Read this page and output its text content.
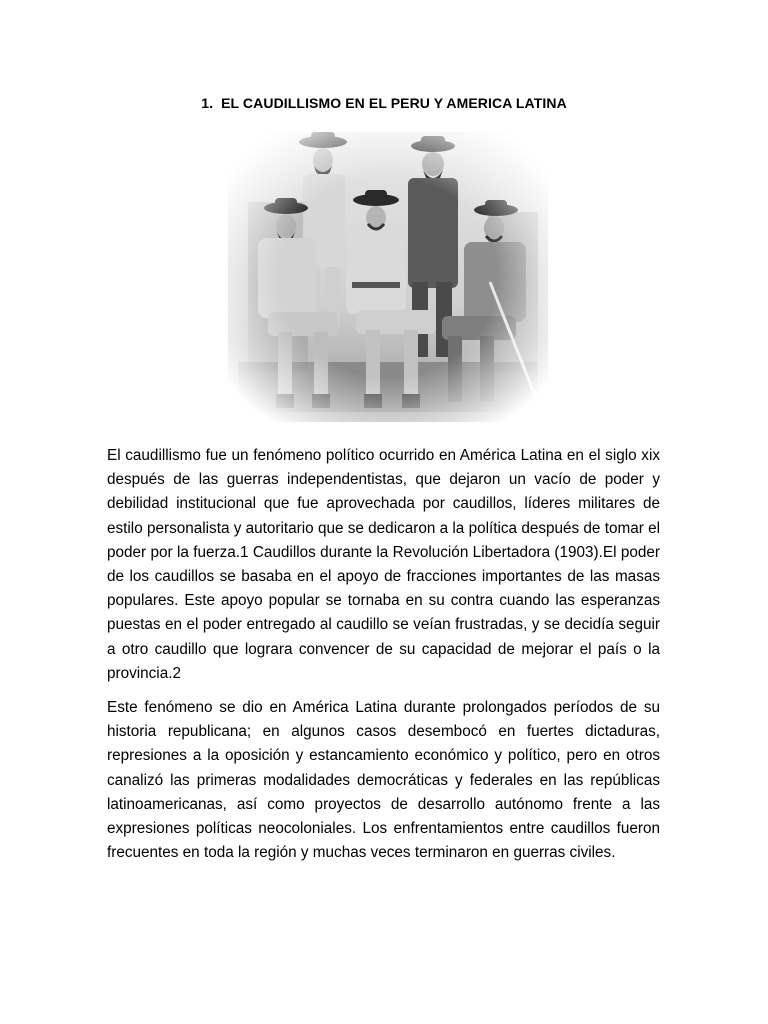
1. EL CAUDILLISMO EN EL PERU Y AMERICA LATINA

El caudillismo fue un fenómeno político ocurrido en América Latina en el siglo xix después de las guerras independentistas, que dejaron un vacío de poder y debilidad institucional que fue aprovechada por caudillos, líderes militares de estilo personalista y autoritario que se dedicaron a la política después de tomar el poder por la fuerza.1 Caudillos durante la Revolución Libertadora (1903).El poder de los caudillos se basaba en el apoyo de fracciones importantes de las masas populares. Este apoyo popular se tornaba en su contra cuando las esperanzas puestas en el poder entregado al caudillo se veían frustradas, y se decidía seguir a otro caudillo que lograra convencer de su capacidad de mejorar el país o la provincia.2

Este fenómeno se dio en América Latina durante prolongados períodos de su historia republicana; en algunos casos desembocó en fuertes dictaduras, represiones a la oposición y estancamiento económico y político, pero en otros canalizó las primeras modalidades democráticas y federales en las repúblicas latinoamericanas, así como proyectos de desarrollo autónomo frente a las expresiones políticas neocoloniales. Los enfrentamientos entre caudillos fueron frecuentes en toda la región y muchas veces terminaron en guerras civiles.
